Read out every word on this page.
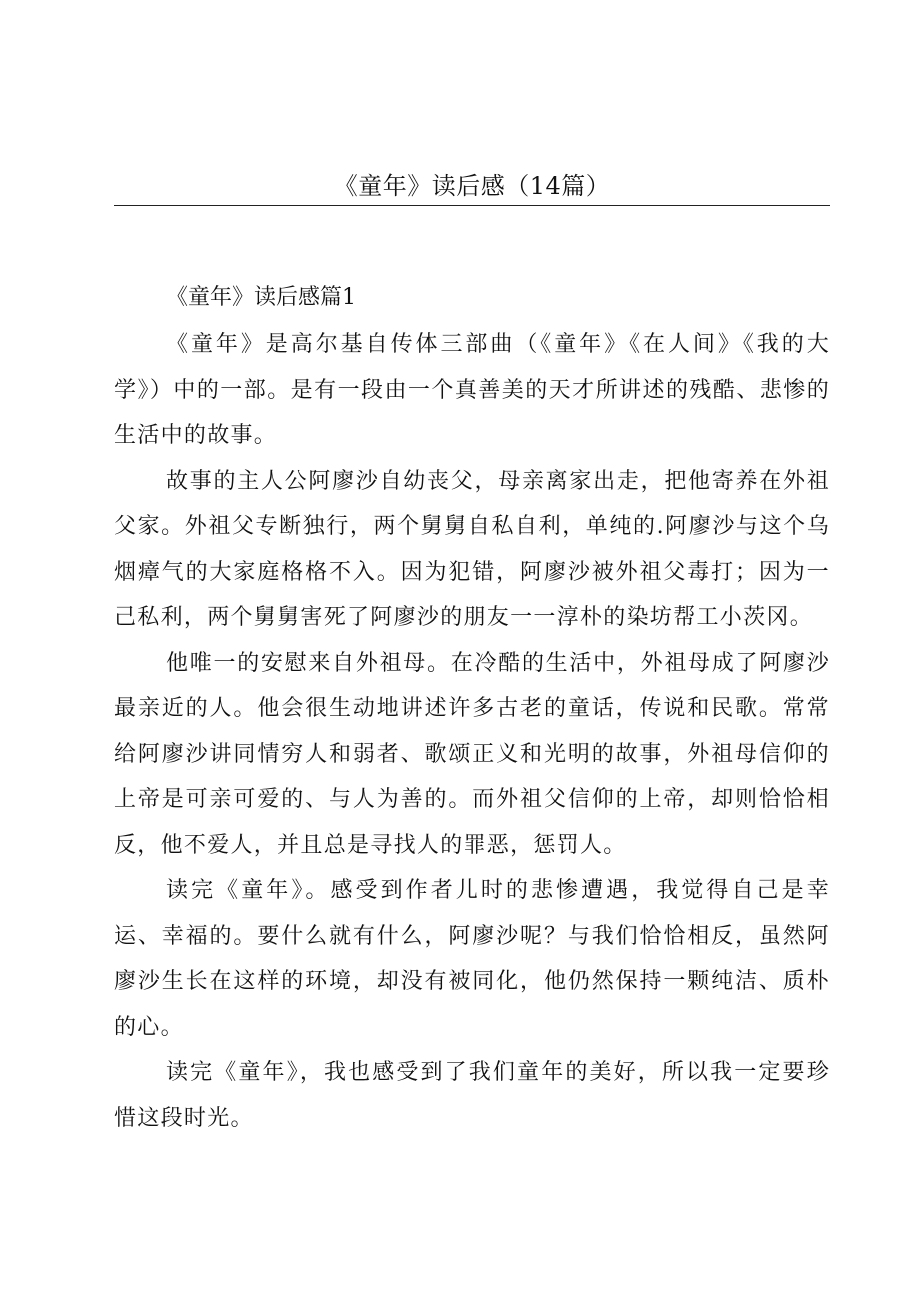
《童年》读后感（14篇）
《童年》读后感篇1

《童年》是高尔基自传体三部曲（《童年》《在人间》《我的大学》）中的一部。是有一段由一个真善美的天才所讲述的残酷、悲惨的生活中的故事。

故事的主人公阿廖沙自幼丧父，母亲离家出走，把他寄养在外祖父家。外祖父专断独行，两个舅舅自私自利，单纯的.阿廖沙与这个乌烟瘴气的大家庭格格不入。因为犯错，阿廖沙被外祖父毒打；因为一己私利，两个舅舅害死了阿廖沙的朋友一一淳朴的染坊帮工小茨冈。

他唯一的安慰来自外祖母。在冷酷的生活中，外祖母成了阿廖沙最亲近的人。他会很生动地讲述许多古老的童话，传说和民歌。常常给阿廖沙讲同情穷人和弱者、歌颂正义和光明的故事，外祖母信仰的上帝是可亲可爱的、与人为善的。而外祖父信仰的上帝，却则恰恰相反，他不爱人，并且总是寻找人的罪恶，惩罚人。

读完《童年》。感受到作者儿时的悲惨遭遇，我觉得自己是幸运、幸福的。要什么就有什么，阿廖沙呢？与我们恰恰相反，虽然阿廖沙生长在这样的环境，却没有被同化，他仍然保持一颗纯洁、质朴的心。

读完《童年》，我也感受到了我们童年的美好，所以我一定要珍惜这段时光。
